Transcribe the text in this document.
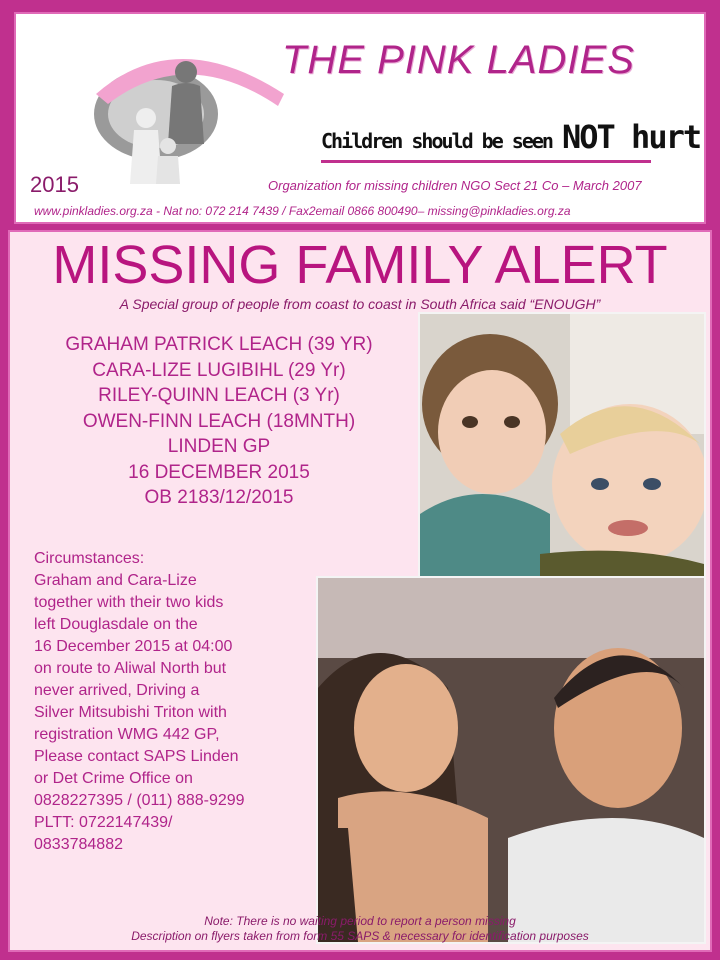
2015
THE PINK LADIES
Children should be seen NOT hurt
Organization for missing children NGO Sect 21 Co – March 2007
www.pinkladies.org.za - Nat no: 072 214 7439 / Fax2email 0866 800490– missing@pinkladies.org.za
MISSING FAMILY ALERT
A Special group of people from coast to coast in South Africa said “ENOUGH”
GRAHAM PATRICK LEACH (39 YR)
CARA-LIZE LUGIBIHL (29 Yr)
RILEY-QUINN LEACH (3 Yr)
OWEN-FINN LEACH (18MNTH)
LINDEN GP
16 DECEMBER 2015
OB 2183/12/2015
Circumstances:
Graham and Cara-Lize
together with their two kids
left Douglasdale on the
16 December 2015 at 04:00
on route to Aliwal North but
never arrived, Driving a
Silver Mitsubishi Triton with
registration WMG 442 GP,
Please contact SAPS Linden
or Det Crime Office on
0828227395 / (011) 888-9299
PLTT: 0722147439/
0833784882
Note: There is no waiting period to report a person missing
Description on flyers taken from form 55 SAPS & necessary for identification purposes
